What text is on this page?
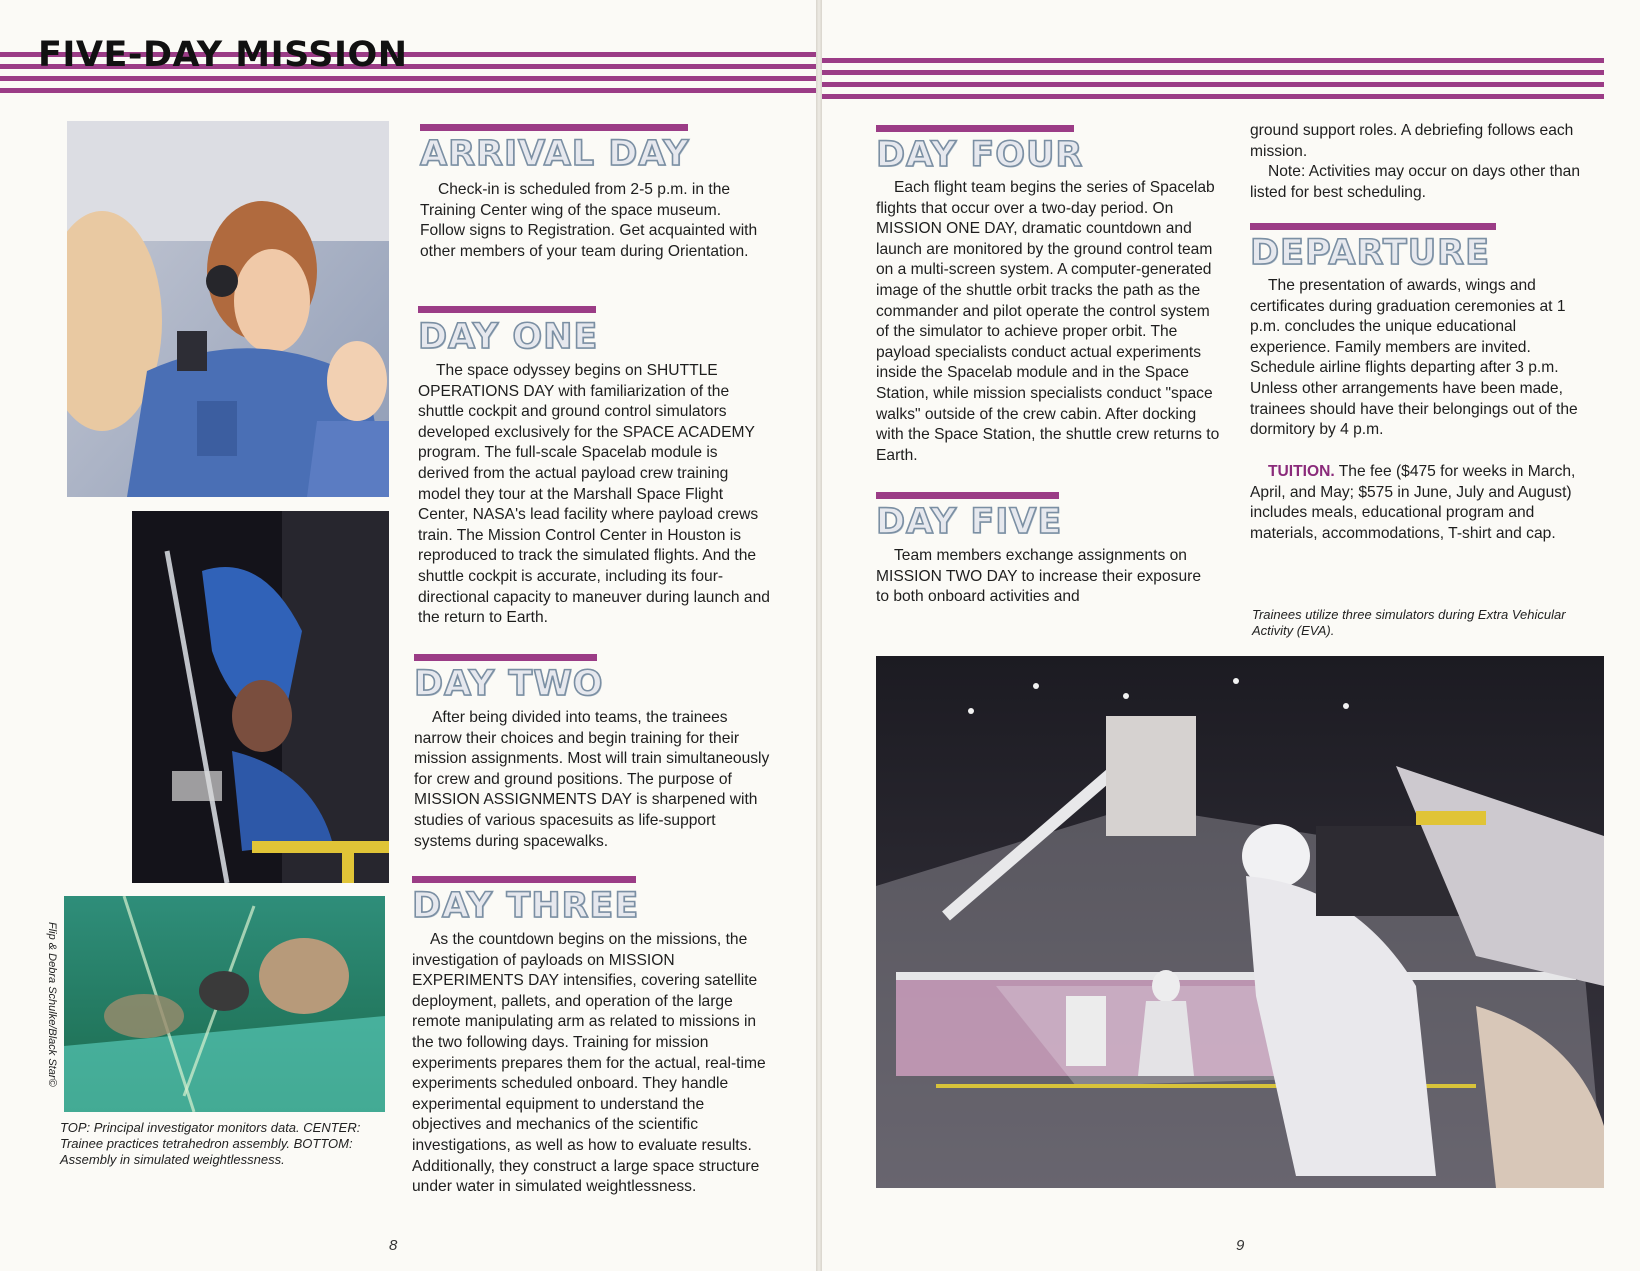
FIVE-DAY MISSION
Flip & Debra Schulke/Black Star©
TOP: Principal investigator monitors data. CENTER: Trainee practices tetrahedron assembly. BOTTOM: Assembly in simulated weightlessness.
ARRIVAL DAY

Check-in is scheduled from 2-5 p.m. in the Training Center wing of the space museum. Follow signs to Registration. Get acquainted with other members of your team during Orientation.

DAY ONE

The space odyssey begins on SHUTTLE OPERATIONS DAY with familiarization of the shuttle cockpit and ground control simulators developed exclusively for the SPACE ACADEMY program. The full-scale Spacelab module is derived from the actual payload crew training model they tour at the Marshall Space Flight Center, NASA's lead facility where payload crews train. The Mission Control Center in Houston is reproduced to track the simulated flights. And the shuttle cockpit is accurate, including its four-directional capacity to maneuver during launch and the return to Earth.

DAY TWO

After being divided into teams, the trainees narrow their choices and begin training for their mission assignments. Most will train simultaneously for crew and ground positions. The purpose of MISSION ASSIGNMENTS DAY is sharpened with studies of various spacesuits as life-support systems during spacewalks.

DAY THREE

As the countdown begins on the missions, the investigation of payloads on MISSION EXPERIMENTS DAY intensifies, covering satellite deployment, pallets, and operation of the large remote manipulating arm as related to missions in the two following days. Training for mission experiments prepares them for the actual, real-time experiments scheduled onboard. They handle experimental equipment to understand the objectives and mechanics of the scientific investigations, as well as how to evaluate results. Additionally, they construct a large space structure under water in simulated weightlessness.

8
DAY FOUR

Each flight team begins the series of Spacelab flights that occur over a two-day period. On MISSION ONE DAY, dramatic countdown and launch are monitored by the ground control team on a multi-screen system. A computer-generated image of the shuttle orbit tracks the path as the commander and pilot operate the control system of the simulator to achieve proper orbit. The payload specialists conduct actual experiments inside the Spacelab module and in the Space Station, while mission specialists conduct "space walks" outside of the crew cabin. After docking with the Space Station, the shuttle crew returns to Earth.

DAY FIVE

Team members exchange assignments on MISSION TWO DAY to increase their exposure to both onboard activities and

ground support roles. A debriefing follows each mission.

Note: Activities may occur on days other than listed for best scheduling.

DEPARTURE

The presentation of awards, wings and certificates during graduation ceremonies at 1 p.m. concludes the unique educational experience. Family members are invited. Schedule airline flights departing after 3 p.m. Unless other arrangements have been made, trainees should have their belongings out of the dormitory by 4 p.m.

TUITION. The fee ($475 for weeks in March, April, and May; $575 in June, July and August) includes meals, educational program and materials, accommodations, T-shirt and cap.

Trainees utilize three simulators during Extra Vehicular Activity (EVA).
9
